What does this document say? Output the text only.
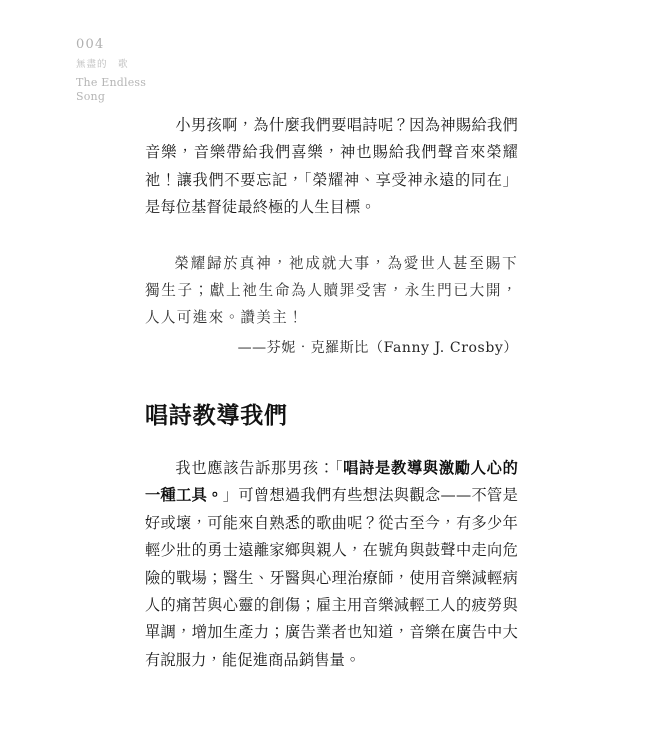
004
無盡的　歌
The Endless
Song

小男孩啊，為什麼我們要唱詩呢？因為神賜給我們音樂，音樂帶給我們喜樂，神也賜給我們聲音來榮耀祂！讓我們不要忘記，「榮耀神、享受神永遠的同在」是每位基督徒最終極的人生目標。

榮耀歸於真神，祂成就大事，為愛世人甚至賜下獨生子；獻上祂生命為人贖罪受害，永生門已大開，人人可進來。讚美主！

——芬妮‧克羅斯比（Fanny J. Crosby）

唱詩教導我們

我也應該告訴那男孩：「唱詩是教導與激勵人心的一種工具。」可曾想過我們有些想法與觀念——不管是好或壞，可能來自熟悉的歌曲呢？從古至今，有多少年輕少壯的勇士遠離家鄉與親人，在號角與鼓聲中走向危險的戰場；醫生、牙醫與心理治療師，使用音樂減輕病人的痛苦與心靈的創傷；雇主用音樂減輕工人的疲勞與單調，增加生產力；廣告業者也知道，音樂在廣告中大有說服力，能促進商品銷售量。
